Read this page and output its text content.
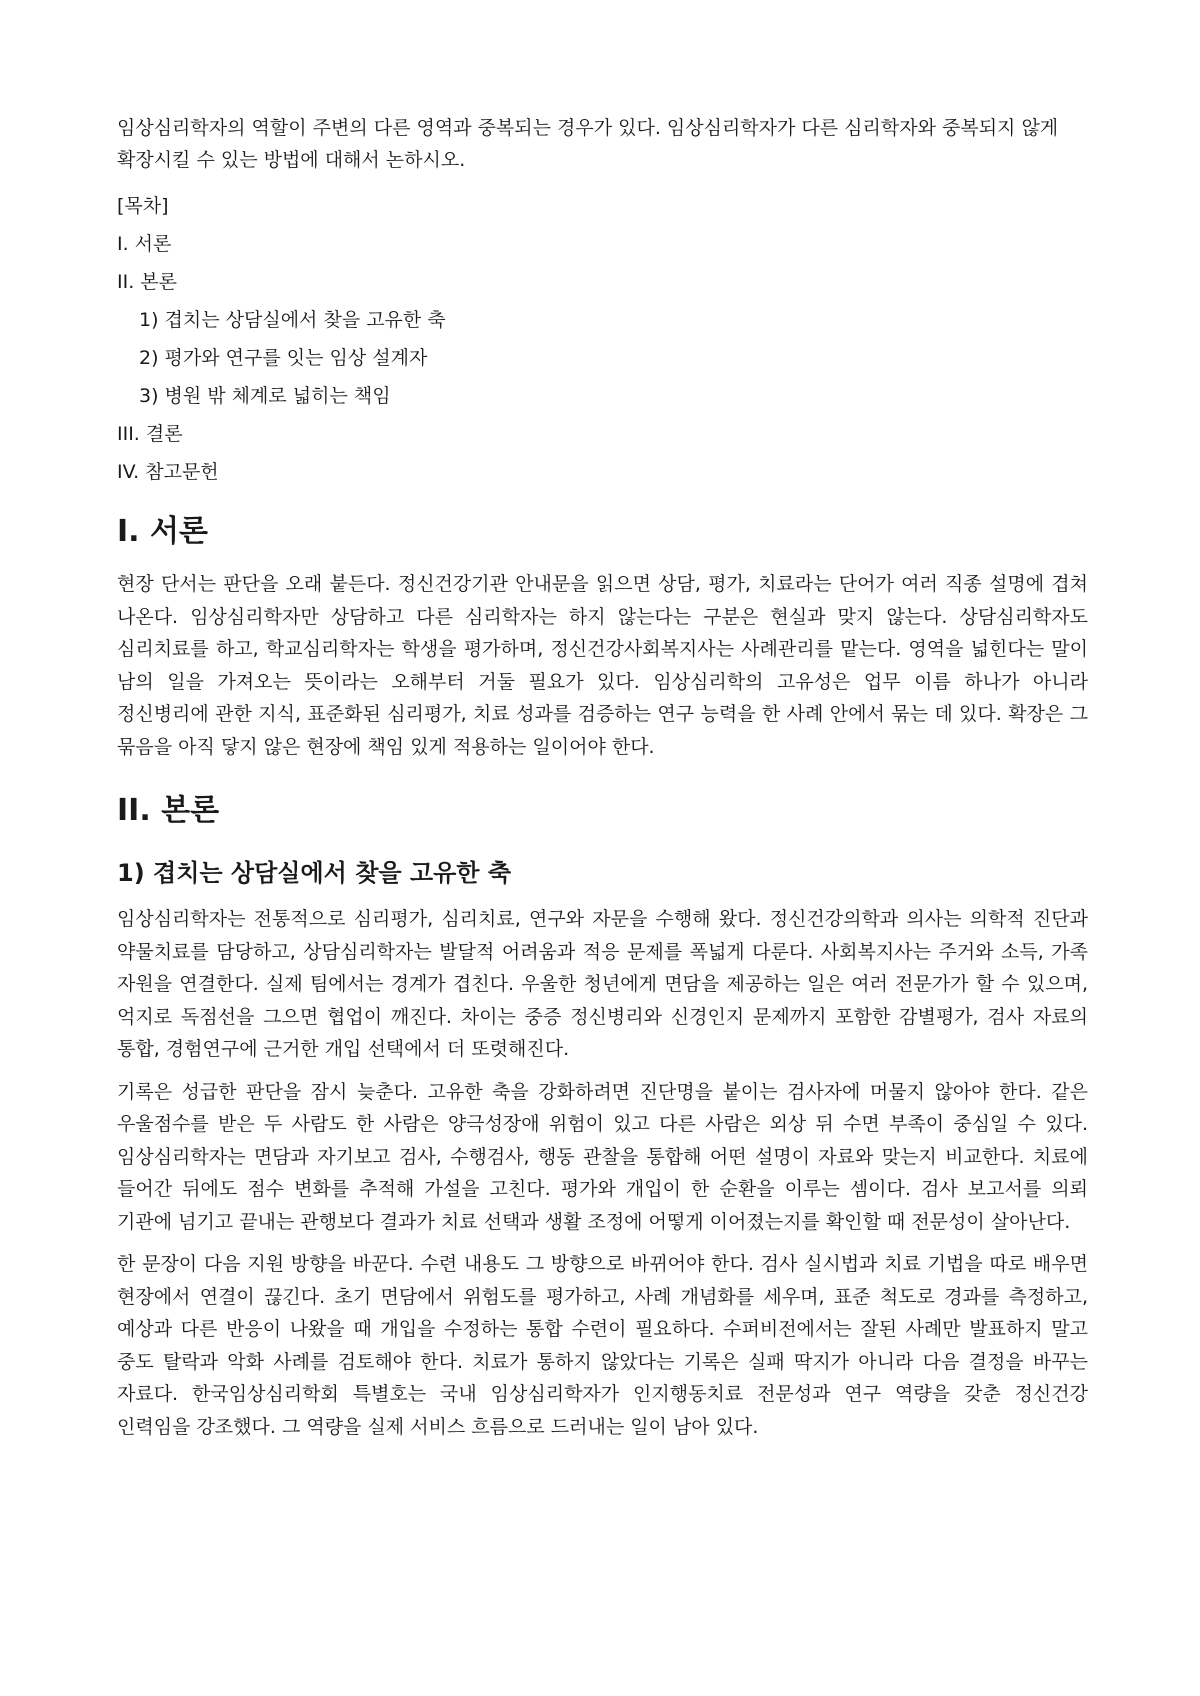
임상심리학자의 역할이 주변의 다른 영역과 중복되는 경우가 있다. 임상심리학자가 다른 심리학자와 중복되지 않게 확장시킬 수 있는 방법에 대해서 논하시오.

[목차]
I. 서론
II. 본론
1) 겹치는 상담실에서 찾을 고유한 축
2) 평가와 연구를 잇는 임상 설계자
3) 병원 밖 체계로 넓히는 책임
III. 결론
IV. 참고문헌
I. 서론

현장 단서는 판단을 오래 붙든다. 정신건강기관 안내문을 읽으면 상담, 평가, 치료라는 단어가 여러 직종 설명에 겹쳐 나온다. 임상심리학자만 상담하고 다른 심리학자는 하지 않는다는 구분은 현실과 맞지 않는다. 상담심리학자도 심리치료를 하고, 학교심리학자는 학생을 평가하며, 정신건강사회복지사는 사례관리를 맡는다. 영역을 넓힌다는 말이 남의 일을 가져오는 뜻이라는 오해부터 거둘 필요가 있다. 임상심리학의 고유성은 업무 이름 하나가 아니라 정신병리에 관한 지식, 표준화된 심리평가, 치료 성과를 검증하는 연구 능력을 한 사례 안에서 묶는 데 있다. 확장은 그 묶음을 아직 닿지 않은 현장에 책임 있게 적용하는 일이어야 한다.

II. 본론
1) 겹치는 상담실에서 찾을 고유한 축

임상심리학자는 전통적으로 심리평가, 심리치료, 연구와 자문을 수행해 왔다. 정신건강의학과 의사는 의학적 진단과 약물치료를 담당하고, 상담심리학자는 발달적 어려움과 적응 문제를 폭넓게 다룬다. 사회복지사는 주거와 소득, 가족 자원을 연결한다. 실제 팀에서는 경계가 겹친다. 우울한 청년에게 면담을 제공하는 일은 여러 전문가가 할 수 있으며, 억지로 독점선을 그으면 협업이 깨진다. 차이는 중증 정신병리와 신경인지 문제까지 포함한 감별평가, 검사 자료의 통합, 경험연구에 근거한 개입 선택에서 더 또렷해진다.

기록은 성급한 판단을 잠시 늦춘다. 고유한 축을 강화하려면 진단명을 붙이는 검사자에 머물지 않아야 한다. 같은 우울점수를 받은 두 사람도 한 사람은 양극성장애 위험이 있고 다른 사람은 외상 뒤 수면 부족이 중심일 수 있다. 임상심리학자는 면담과 자기보고 검사, 수행검사, 행동 관찰을 통합해 어떤 설명이 자료와 맞는지 비교한다. 치료에 들어간 뒤에도 점수 변화를 추적해 가설을 고친다. 평가와 개입이 한 순환을 이루는 셈이다. 검사 보고서를 의뢰 기관에 넘기고 끝내는 관행보다 결과가 치료 선택과 생활 조정에 어떻게 이어졌는지를 확인할 때 전문성이 살아난다.

한 문장이 다음 지원 방향을 바꾼다. 수련 내용도 그 방향으로 바뀌어야 한다. 검사 실시법과 치료 기법을 따로 배우면 현장에서 연결이 끊긴다. 초기 면담에서 위험도를 평가하고, 사례 개념화를 세우며, 표준 척도로 경과를 측정하고, 예상과 다른 반응이 나왔을 때 개입을 수정하는 통합 수련이 필요하다. 수퍼비전에서는 잘된 사례만 발표하지 말고 중도 탈락과 악화 사례를 검토해야 한다. 치료가 통하지 않았다는 기록은 실패 딱지가 아니라 다음 결정을 바꾸는 자료다. 한국임상심리학회 특별호는 국내 임상심리학자가 인지행동치료 전문성과 연구 역량을 갖춘 정신건강 인력임을 강조했다. 그 역량을 실제 서비스 흐름으로 드러내는 일이 남아 있다.
